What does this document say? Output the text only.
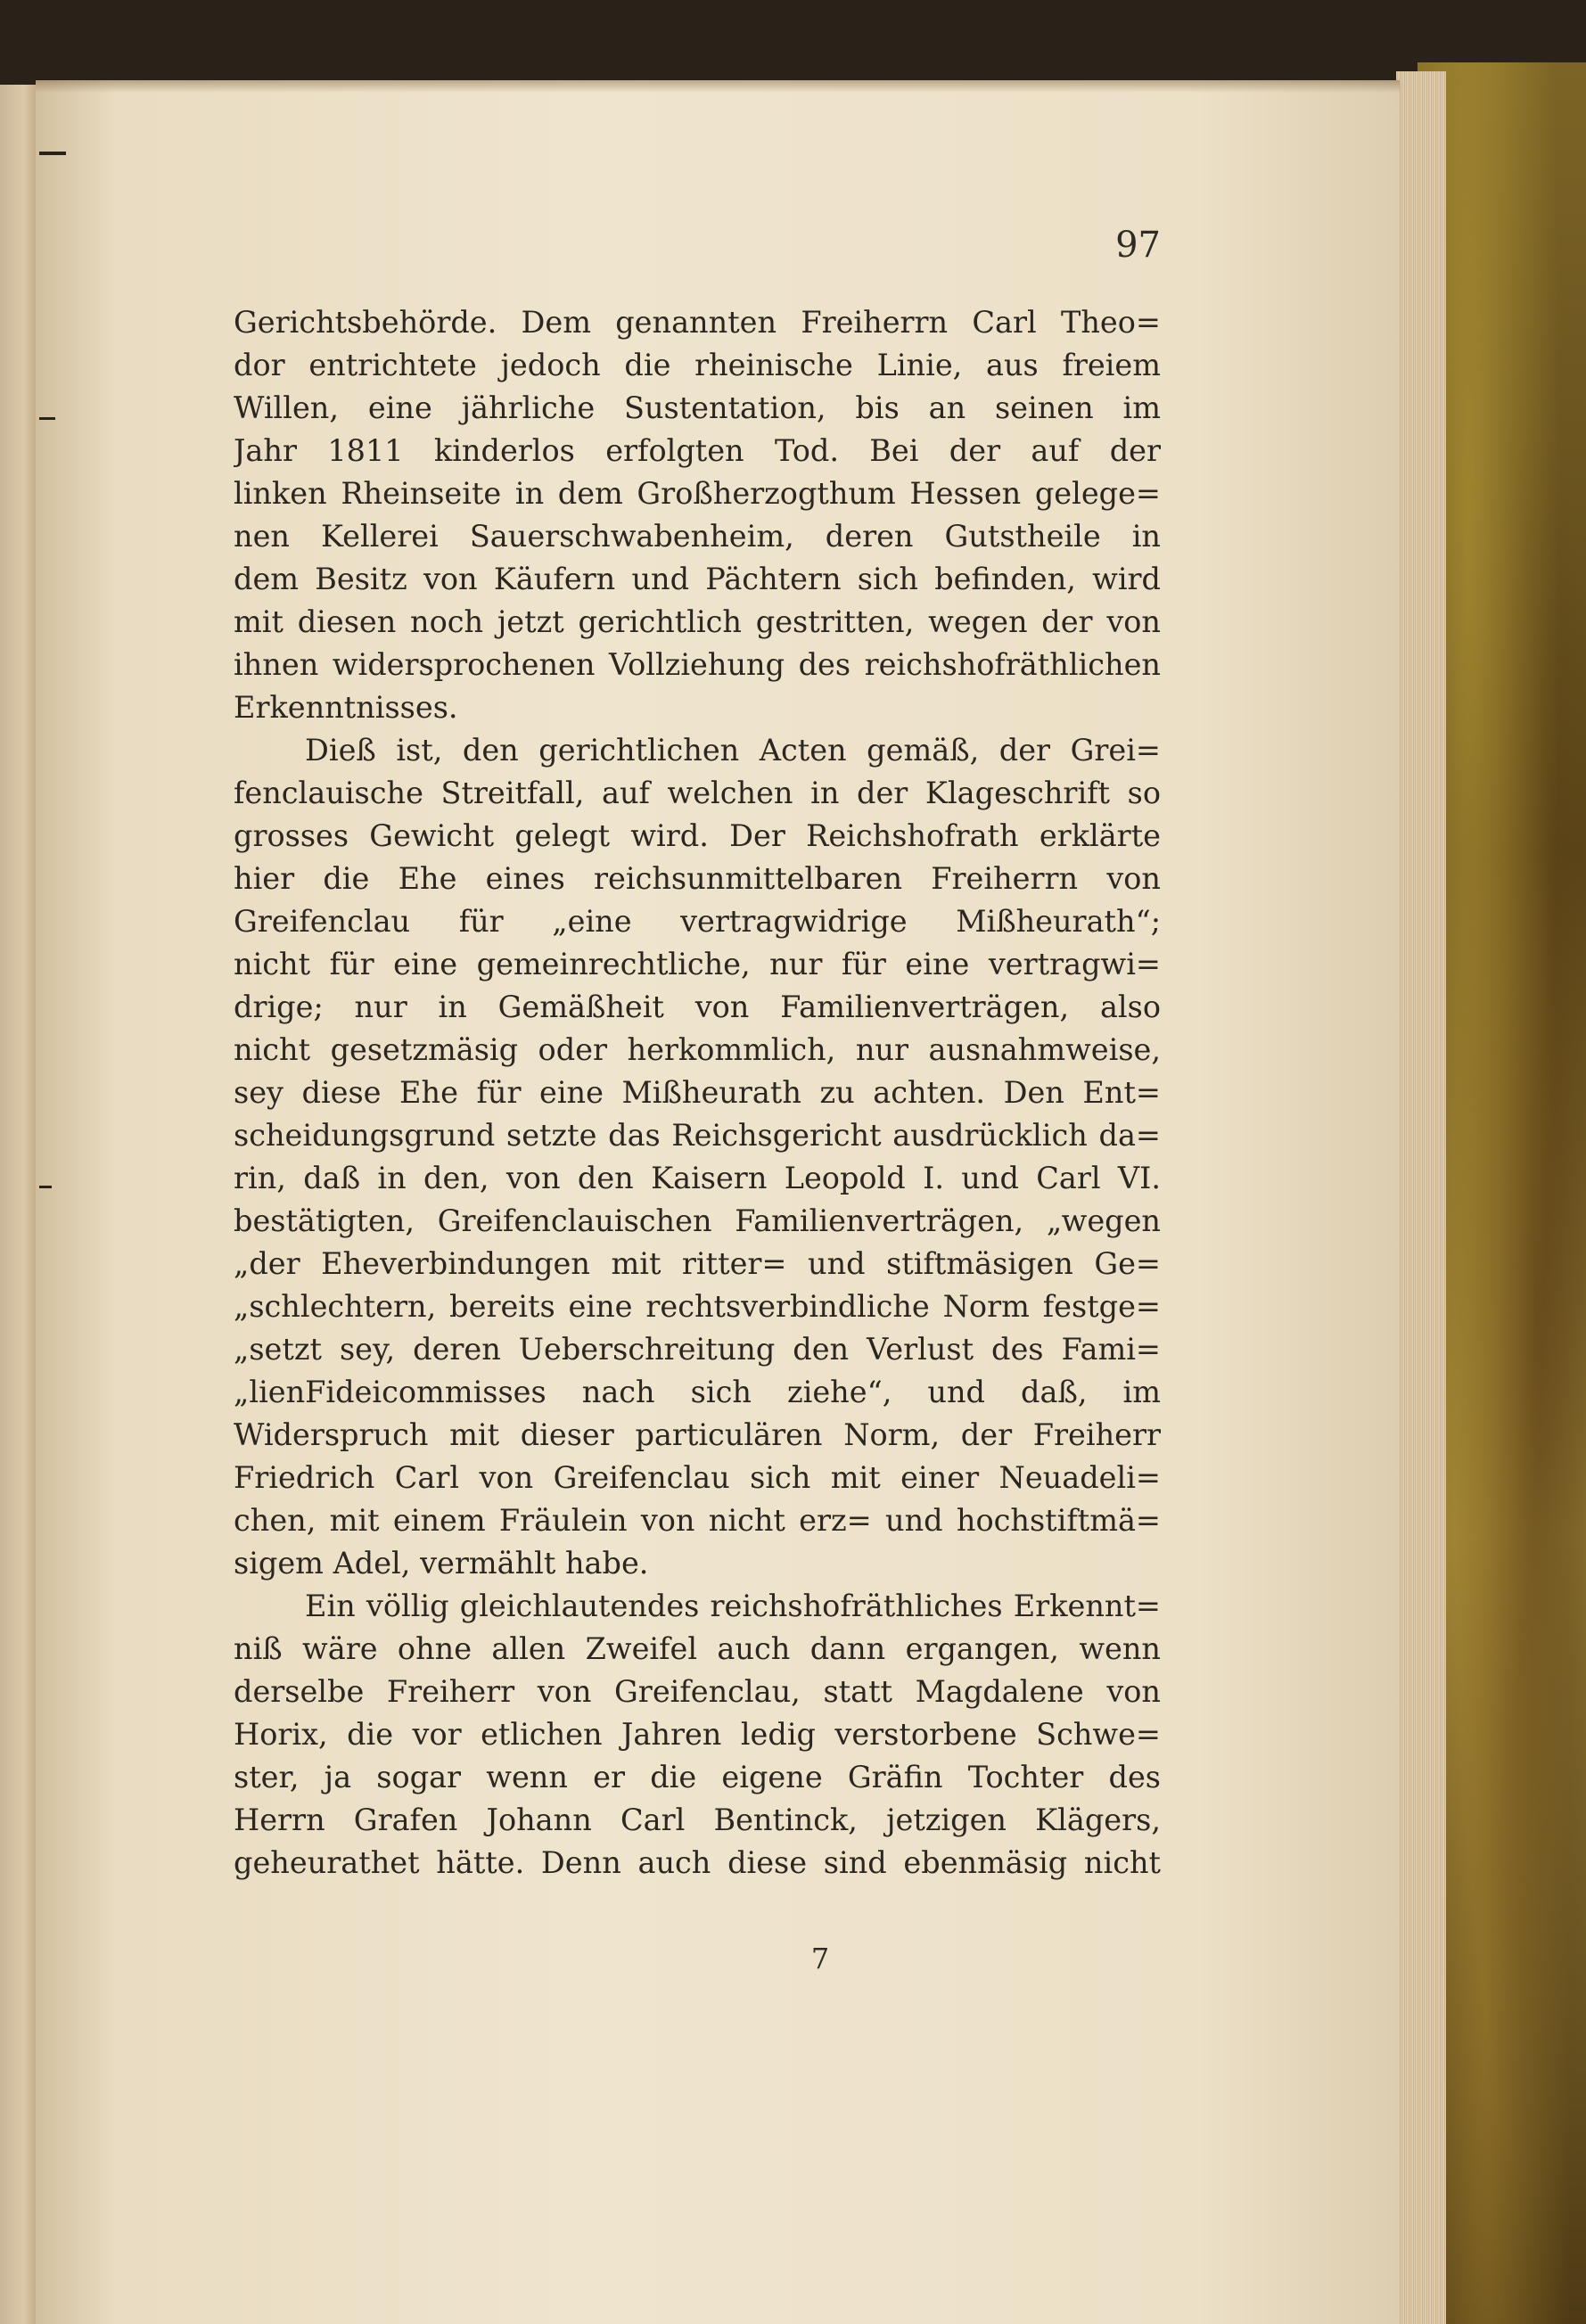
97
Gerichtsbehörde. Dem genannten Freiherrn Carl Theo=
dor entrichtete jedoch die rheinische Linie, aus freiem
Willen, eine jährliche Sustentation, bis an seinen im
Jahr 1811 kinderlos erfolgten Tod. Bei der auf der
linken Rheinseite in dem Großherzogthum Hessen gelege=
nen Kellerei Sauerschwabenheim, deren Gutstheile in
dem Besitz von Käufern und Pächtern sich befinden, wird
mit diesen noch jetzt gerichtlich gestritten, wegen der von
ihnen widersprochenen Vollziehung des reichshofräthlichen
Erkenntnisses.
Dieß ist, den gerichtlichen Acten gemäß, der Grei=
fenclauische Streitfall, auf welchen in der Klageschrift so
grosses Gewicht gelegt wird. Der Reichshofrath erklärte
hier die Ehe eines reichsunmittelbaren Freiherrn von
Greifenclau für „eine vertragwidrige Mißheurath“;
nicht für eine gemeinrechtliche, nur für eine vertragwi=
drige; nur in Gemäßheit von Familienverträgen, also
nicht gesetzmäsig oder herkommlich, nur ausnahmweise,
sey diese Ehe für eine Mißheurath zu achten. Den Ent=
scheidungsgrund setzte das Reichsgericht ausdrücklich da=
rin, daß in den, von den Kaisern Leopold I. und Carl VI.
bestätigten, Greifenclauischen Familienverträgen, „wegen
„der Eheverbindungen mit ritter= und stiftmäsigen Ge=
„schlechtern, bereits eine rechtsverbindliche Norm festge=
„setzt sey, deren Ueberschreitung den Verlust des Fami=
„lienFideicommisses nach sich ziehe“, und daß, im
Widerspruch mit dieser particulären Norm, der Freiherr
Friedrich Carl von Greifenclau sich mit einer Neuadeli=
chen, mit einem Fräulein von nicht erz= und hochstiftmä=
sigem Adel, vermählt habe.
Ein völlig gleichlautendes reichshofräthliches Erkennt=
niß wäre ohne allen Zweifel auch dann ergangen, wenn
derselbe Freiherr von Greifenclau, statt Magdalene von
Horix, die vor etlichen Jahren ledig verstorbene Schwe=
ster, ja sogar wenn er die eigene Gräfin Tochter des
Herrn Grafen Johann Carl Bentinck, jetzigen Klägers,
geheurathet hätte. Denn auch diese sind ebenmäsig nicht
7
